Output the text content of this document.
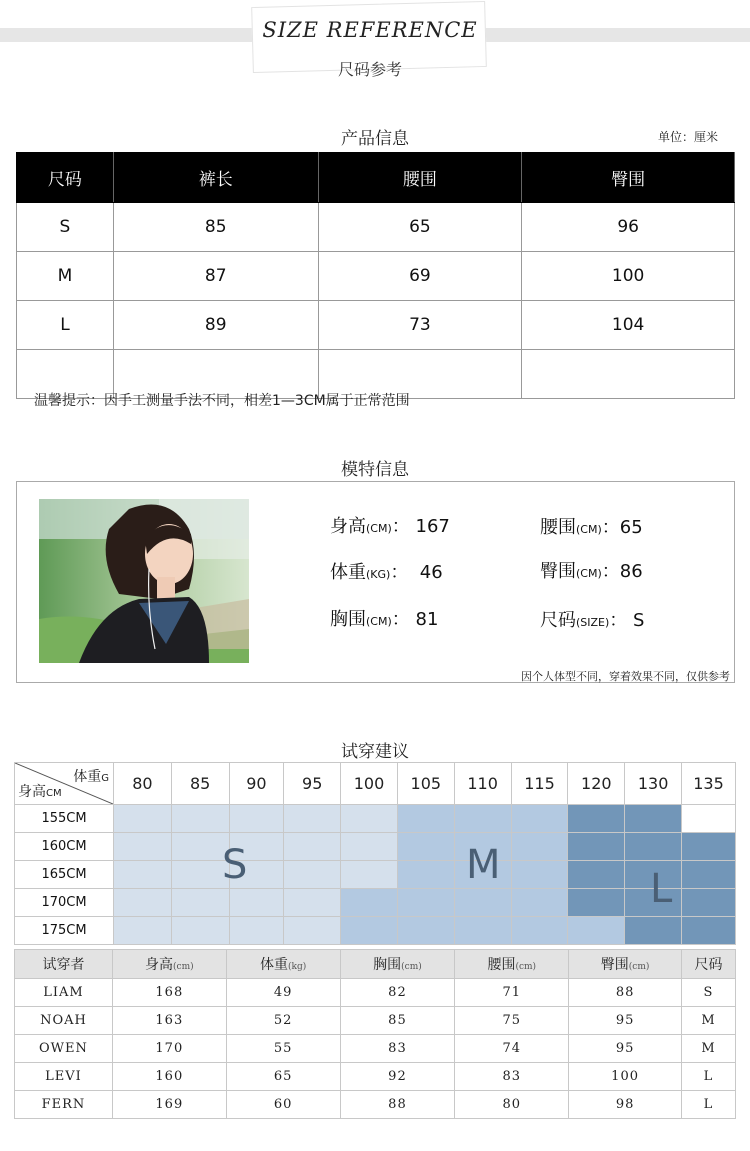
SIZE REFERENCE
尺码参考
产品信息	单位：厘米
尺码	裤长	腰围	臀围
S	85	65	96
M	87	69	100
L	89	73	104

温馨提示：因手工测量手法不同，相差1—3CM属于正常范围
模特信息
身高(CM)： 167
体重(KG)：  46
胸围(CM)： 81
腰围(CM)：65
臀围(CM)：86
尺码(SIZE)： S
因个人体型不同，穿着效果不同，仅供参考
试穿建议
体重G
身高CM	80	85	90	95	100	105	110	115	120	130	135
155CM											
160CM											
165CM											
170CM											
175CM											
S	M
L
试穿者	身高(cm)	体重(kg)	胸围(cm)	腰围(cm)	臀围(cm)	尺码
LIAM	168	49	82	71	88	S
NOAH	163	52	85	75	95	M
OWEN	170	55	83	74	95	M
LEVI	160	65	92	83	100	L
FERN	169	60	88	80	98	L
